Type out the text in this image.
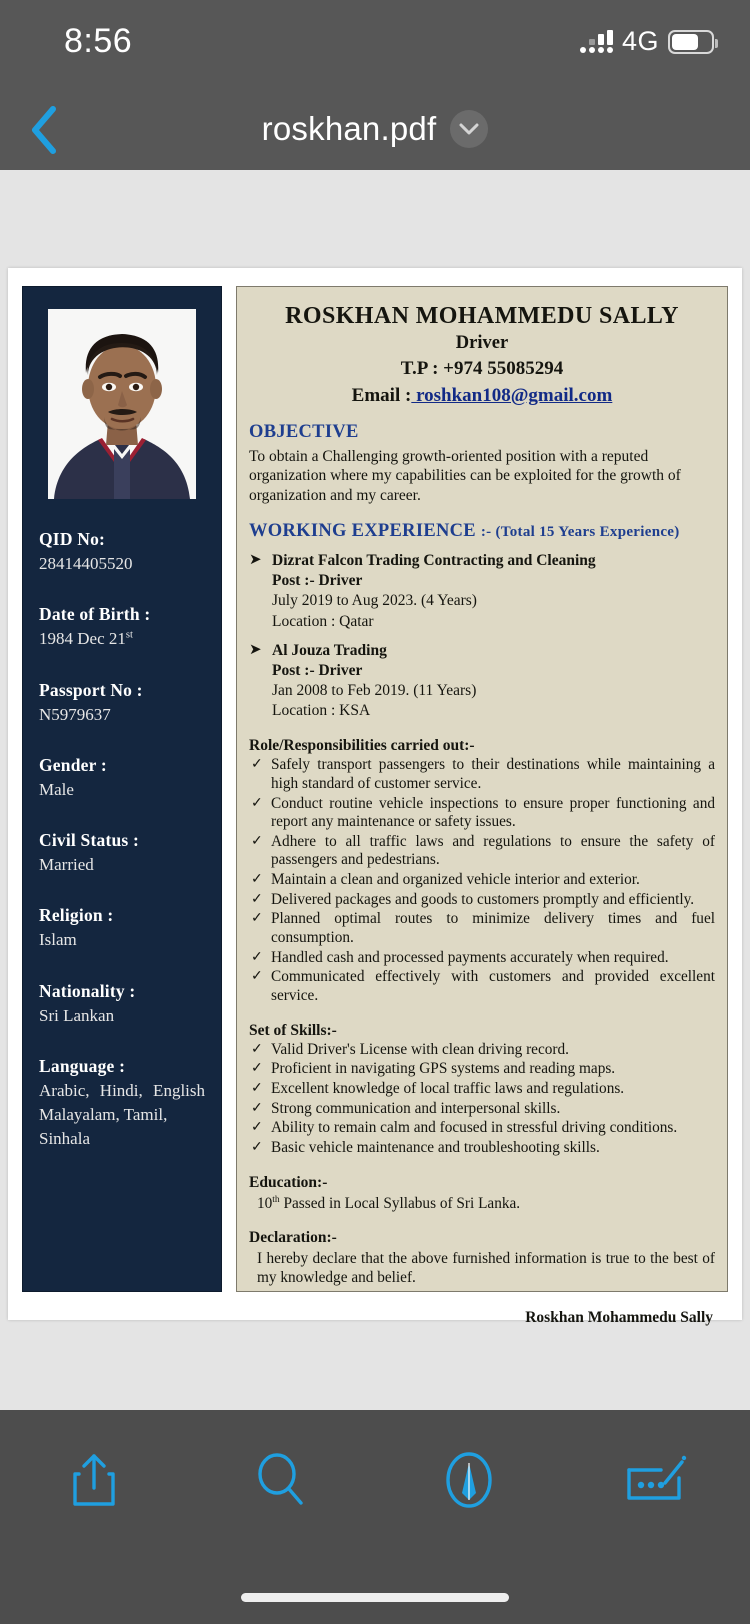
8:56	4G
roskhan.pdf
QID No:
28414405520
Date of Birth :
1984 Dec 21st
Passport No :
N5979637
Gender :
Male
Civil Status :
Married
Religion :
Islam
Nationality :
Sri Lankan
Language :
Arabic, Hindi, English
Malayalam, Tamil,
Sinhala
ROSKHAN MOHAMMEDU SALLY
Driver
T.P : +974 55085294
Email : roshkan108@gmail.com
OBJECTIVE
To obtain a Challenging growth-oriented position with a reputed organization where my capabilities can be exploited for the growth of organization and my career.
WORKING EXPERIENCE :- (Total 15 Years Experience)
➤ Dizrat Falcon Trading Contracting and Cleaning
Post :- Driver
July 2019 to Aug 2023. (4 Years)
Location : Qatar
➤ Al Jouza Trading
Post :- Driver
Jan 2008 to Feb 2019. (11 Years)
Location : KSA
Role/Responsibilities carried out:-
✓ Safely transport passengers to their destinations while maintaining a high standard of customer service.
✓ Conduct routine vehicle inspections to ensure proper functioning and report any maintenance or safety issues.
✓ Adhere to all traffic laws and regulations to ensure the safety of passengers and pedestrians.
✓ Maintain a clean and organized vehicle interior and exterior.
✓ Delivered packages and goods to customers promptly and efficiently.
✓ Planned optimal routes to minimize delivery times and fuel consumption.
✓ Handled cash and processed payments accurately when required.
✓ Communicated effectively with customers and provided excellent service.
Set of Skills:-
✓ Valid Driver's License with clean driving record.
✓ Proficient in navigating GPS systems and reading maps.
✓ Excellent knowledge of local traffic laws and regulations.
✓ Strong communication and interpersonal skills.
✓ Ability to remain calm and focused in stressful driving conditions.
✓ Basic vehicle maintenance and troubleshooting skills.
Education:-
10th Passed in Local Syllabus of Sri Lanka.
Declaration:-
I hereby declare that the above furnished information is true to the best of my knowledge and belief.
Roskhan Mohammedu Sally
